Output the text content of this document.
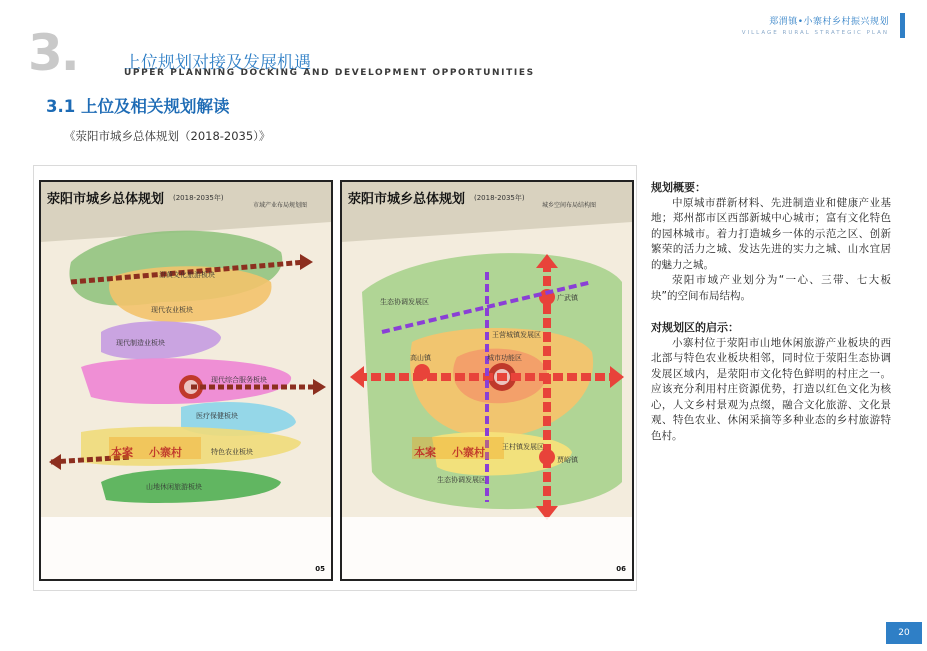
郑渭镇•小寨村乡村振兴规划
VILLAGE RURAL STRATEGIC PLAN
3.	上位规划对接及发展机遇
UPPER PLANNING DOCKING AND DEVELOPMENT OPPORTUNITIES
3.1 上位及相关规划解读
《荥阳市城乡总体规划（2018-2035）》
沿黄文化旅游板块
现代农业板块
现代制造业板块
现代综合服务板块
医疗保健板块
特色农业板块
山地休闲旅游板块
荥阳市城乡总体规划 (2018-2035年)
市域产业布局规划图
本案 小寨村
05
生态协调发展区	广武镇
王营城镇发展区
高山镇	城市功能区
王村镇发展区
贾峪镇
生态协调发展区
荥阳市城乡总体规划 (2018-2035年)
城乡空间布局结构图
本案 小寨村
06
规划概要：

中原城市群新材料、先进制造业和健康产业基地；郑州都市区西部新城中心城市；富有文化特色的园林城市。着力打造城乡一体的示范之区、创新繁荣的活力之城、发达先进的实力之城、山水宜居的魅力之城。

荥阳市域产业划分为“一心、三带、七大板块”的空间布局结构。

对规划区的启示：

小寨村位于荥阳市山地休闲旅游产业板块的西北部与特色农业板块相邻，同时位于荥阳生态协调发展区域内，是荥阳市文化特色鲜明的村庄之一。应该充分利用村庄资源优势，打造以红色文化为核心，人文乡村景观为点缀，融合文化旅游、文化景观、特色农业、休闲采摘等多种业态的乡村旅游特色村。

20
